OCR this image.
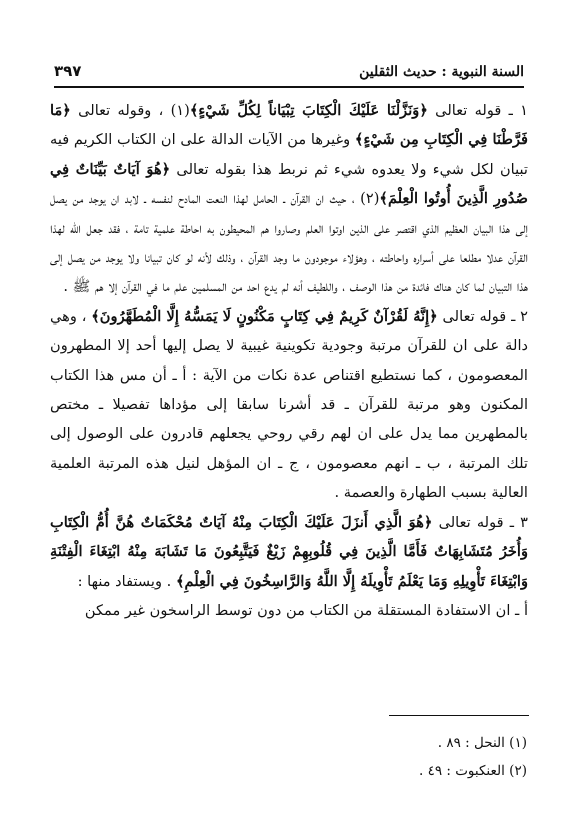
السنة النبوية : حديث الثقلين
٣٩٧

١ ـ قوله تعالى ﴿وَنَزَّلْنَا عَلَيْكَ الْكِتَابَ تِبْيَاناً لِكُلِّ شَيْءٍ﴾(١) ، وقوله تعالى ﴿مَا فَرَّطْنَا فِي الْكِتَابِ مِن شَيْءٍ﴾ وغيرها من الآيات الدالة على ان الكتاب الكريم فيه تبيان لكل شيء ولا يعدوه شيء ثم نربط هذا بقوله تعالى ﴿هُوَ آيَاتٌ بَيِّنَاتٌ فِي صُدُورِ الَّذِينَ أُوتُوا الْعِلْمَ﴾(٢) ، حيث ان القرآن ـ الحامل لهذا النعت المادح لنفسه ـ لابد ان يوجد من يصل إلى هذا البيان العظيم الذي اقتصر على الذين اوتوا العلم وصاروا هم المحيطون به احاطة علمية تامة ، فقد جعل الله لهذا القرآن عدلا مطلعا على أسراره واحاطته ، وهؤلاء موجودون ما وجد القرآن ، وذلك لأنه لو كان تبيانا ولا يوجد من يصل إلى هذا التبيان لما كان هناك فائدة من هذا الوصف ، واللطيف أنه لم يدع احد من المسلمين علم ما في القرآن إلا هم ﷺ .

٢ ـ قوله تعالى ﴿إِنَّهُ لَقُرْآنٌ كَرِيمٌ فِي كِتَابٍ مَكْنُونٍ لَا يَمَسُّهُ إِلَّا الْمُطَهَّرُونَ﴾ ، وهي دالة على ان للقرآن مرتبة وجودية تكوينية غيبية لا يصل إليها أحد إلا المطهرون المعصومون ، كما نستطيع اقتناص عدة نكات من الآية : أ ـ أن مس هذا الكتاب المكنون وهو مرتبة للقرآن ـ قد أشرنا سابقا إلى مؤداها تفصيلا ـ مختص بالمطهرين مما يدل على ان لهم رقي روحي يجعلهم قادرون على الوصول إلى تلك المرتبة ، ب ـ انهم معصومون ، ج ـ ان المؤهل لنيل هذه المرتبة العلمية العالية بسبب الطهارة والعصمة .

٣ ـ قوله تعالى ﴿هُوَ الَّذِي أَنزَلَ عَلَيْكَ الْكِتَابَ مِنْهُ آيَاتٌ مُحْكَمَاتٌ هُنَّ أُمُّ الْكِتَابِ وَأُخَرُ مُتَشَابِهَاتٌ فَأَمَّا الَّذِينَ فِي قُلُوبِهِمْ زَيْغٌ فَيَتَّبِعُونَ مَا تَشَابَهَ مِنْهُ ابْتِغَاءَ الْفِتْنَةِ وَابْتِغَاءَ تَأْوِيلِهِ وَمَا يَعْلَمُ تَأْوِيلَهُ إِلَّا اللَّهُ وَالرَّاسِخُونَ فِي الْعِلْمِ﴾ . ويستفاد منها :

أ ـ ان الاستفادة المستقلة من الكتاب من دون توسط الراسخون غير ممكن

(١) النحل : ٨٩ .
(٢) العنكبوت : ٤٩ .
